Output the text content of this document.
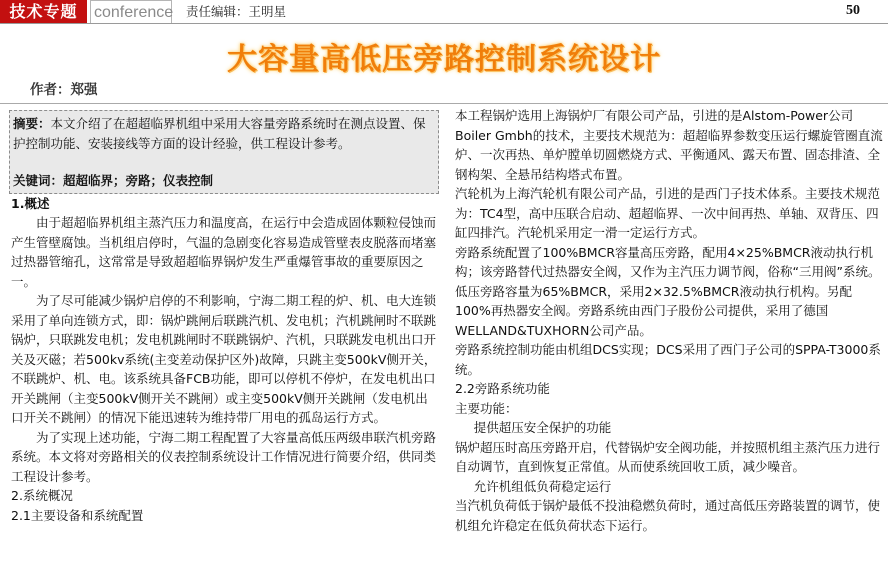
技术专题	conference 责任编辑：王明星	50
大容量高低压旁路控制系统设计
作者：郑强

摘要：本文介绍了在超超临界机组中采用大容量旁路系统时在测点设置、保护控制功能、安装接线等方面的设计经验，供工程设计参考。

关键词：超超临界；旁路；仪表控制

1.概述

由于超超临界机组主蒸汽压力和温度高，在运行中会造成固体颗粒侵蚀而产生管壁腐蚀。当机组启停时，气温的急剧变化容易造成管壁表皮脱落而堵塞过热器管缩孔，这常常是导致超超临界锅炉发生严重爆管事故的重要原因之一。

为了尽可能减少锅炉启停的不利影响，宁海二期工程的炉、机、电大连锁采用了单向连锁方式，即：锅炉跳闸后联跳汽机、发电机；汽机跳闸时不联跳锅炉，只联跳发电机；发电机跳闸时不联跳锅炉、汽机，只联跳发电机出口开关及灭磁；若500kv系统(主变差动保护区外)故障，只跳主变500kV侧开关，不联跳炉、机、电。该系统具备FCB功能，即可以停机不停炉，在发电机出口开关跳闸（主变500kV侧开关不跳闸）或主变500kV侧开关跳闸（发电机出口开关不跳闸）的情况下能迅速转为维持带厂用电的孤岛运行方式。

为了实现上述功能，宁海二期工程配置了大容量高低压两级串联汽机旁路系统。本文将对旁路相关的仪表控制系统设计工作情况进行简要介绍，供同类工程设计参考。

2.系统概况

2.1主要设备和系统配置

本工程锅炉选用上海锅炉厂有限公司产品，引进的是Alstom-Power公司Boiler Gmbh的技术，主要技术规范为：超超临界参数变压运行螺旋管圈直流炉、一次再热、单炉膛单切圆燃烧方式、平衡通风、露天布置、固态排渣、全钢构架、全悬吊结构塔式布置。

汽轮机为上海汽轮机有限公司产品，引进的是西门子技术体系。主要技术规范为：TC4型，高中压联合启动、超超临界、一次中间再热、单轴、双背压、四缸四排汽。汽轮机采用定一滑一定运行方式。

旁路系统配置了100%BMCR容量高压旁路，配用4×25%BMCR液动执行机构；该旁路替代过热器安全阀，又作为主汽压力调节阀，俗称“三用阀”系统。低压旁路容量为65%BMCR，采用2×32.5%BMCR液动执行机构。另配100%再热器安全阀。旁路系统由西门子股份公司提供，采用了德国WELLAND&TUXHORN公司产品。

旁路系统控制功能由机组DCS实现；DCS采用了西门子公司的SPPA-T3000系统。

2.2旁路系统功能

主要功能：

提供超压安全保护的功能

锅炉超压时高压旁路开启，代替锅炉安全阀功能，并按照机组主蒸汽压力进行自动调节，直到恢复正常值。从而使系统回收工质，减少噪音。

允许机组低负荷稳定运行

当汽机负荷低于锅炉最低不投油稳燃负荷时，通过高低压旁路装置的调节，使机组允许稳定在低负荷状态下运行。
